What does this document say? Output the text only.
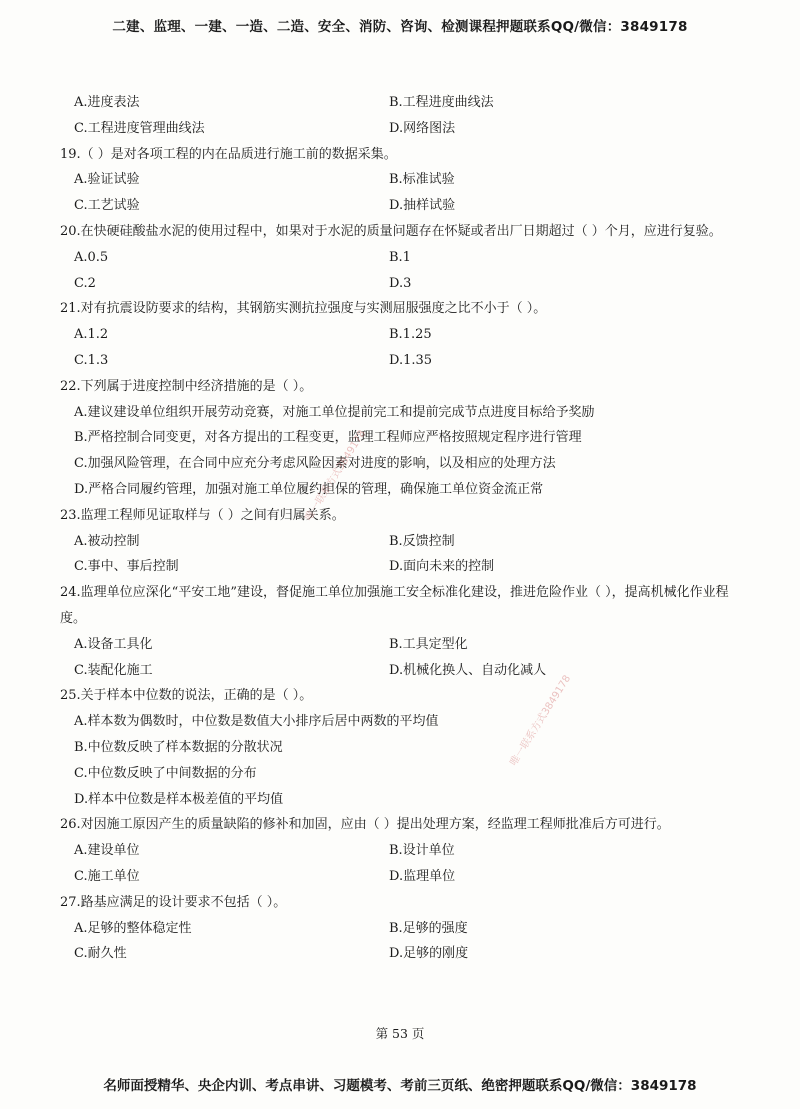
二建、监理、一建、一造、二造、安全、消防、咨询、检测课程押题联系QQ/微信：3849178
A.进度表法	B.工程进度曲线法
C.工程进度管理曲线法	D.网络图法
19.（ ）是对各项工程的内在品质进行施工前的数据采集。
A.验证试验	B.标准试验
C.工艺试验	D.抽样试验
20.在快硬硅酸盐水泥的使用过程中，如果对于水泥的质量问题存在怀疑或者出厂日期超过（ ）个月，应进行复验。
A.0.5	B.1
C.2	D.3
21.对有抗震设防要求的结构，其钢筋实测抗拉强度与实测屈服强度之比不小于（ ）。
A.1.2	B.1.25
C.1.3	D.1.35
22.下列属于进度控制中经济措施的是（ ）。
A.建议建设单位组织开展劳动竞赛，对施工单位提前完工和提前完成节点进度目标给予奖励
B.严格控制合同变更，对各方提出的工程变更，监理工程师应严格按照规定程序进行管理
C.加强风险管理，在合同中应充分考虑风险因素对进度的影响，以及相应的处理方法
D.严格合同履约管理，加强对施工单位履约担保的管理，确保施工单位资金流正常
23.监理工程师见证取样与（ ）之间有归属关系。
A.被动控制	B.反馈控制
C.事中、事后控制	D.面向未来的控制
24.监理单位应深化“平安工地”建设，督促施工单位加强施工安全标准化建设，推进危险作业（ ），提高机械化作业程度。
A.设备工具化	B.工具定型化
C.装配化施工	D.机械化换人、自动化减人
25.关于样本中位数的说法，正确的是（ ）。
A.样本数为偶数时，中位数是数值大小排序后居中两数的平均值
B.中位数反映了样本数据的分散状况
C.中位数反映了中间数据的分布
D.样本中位数是样本极差值的平均值
26.对因施工原因产生的质量缺陷的修补和加固，应由（ ）提出处理方案，经监理工程师批准后方可进行。
A.建设单位	B.设计单位
C.施工单位	D.监理单位
27.路基应满足的设计要求不包括（ ）。
A.足够的整体稳定性	B.足够的强度
C.耐久性	D.足够的刚度
唯一联系方式3849178
唯一联系方式3849178
第 53 页
名师面授精华、央企内训、考点串讲、习题模考、考前三页纸、绝密押题联系QQ/微信：3849178
